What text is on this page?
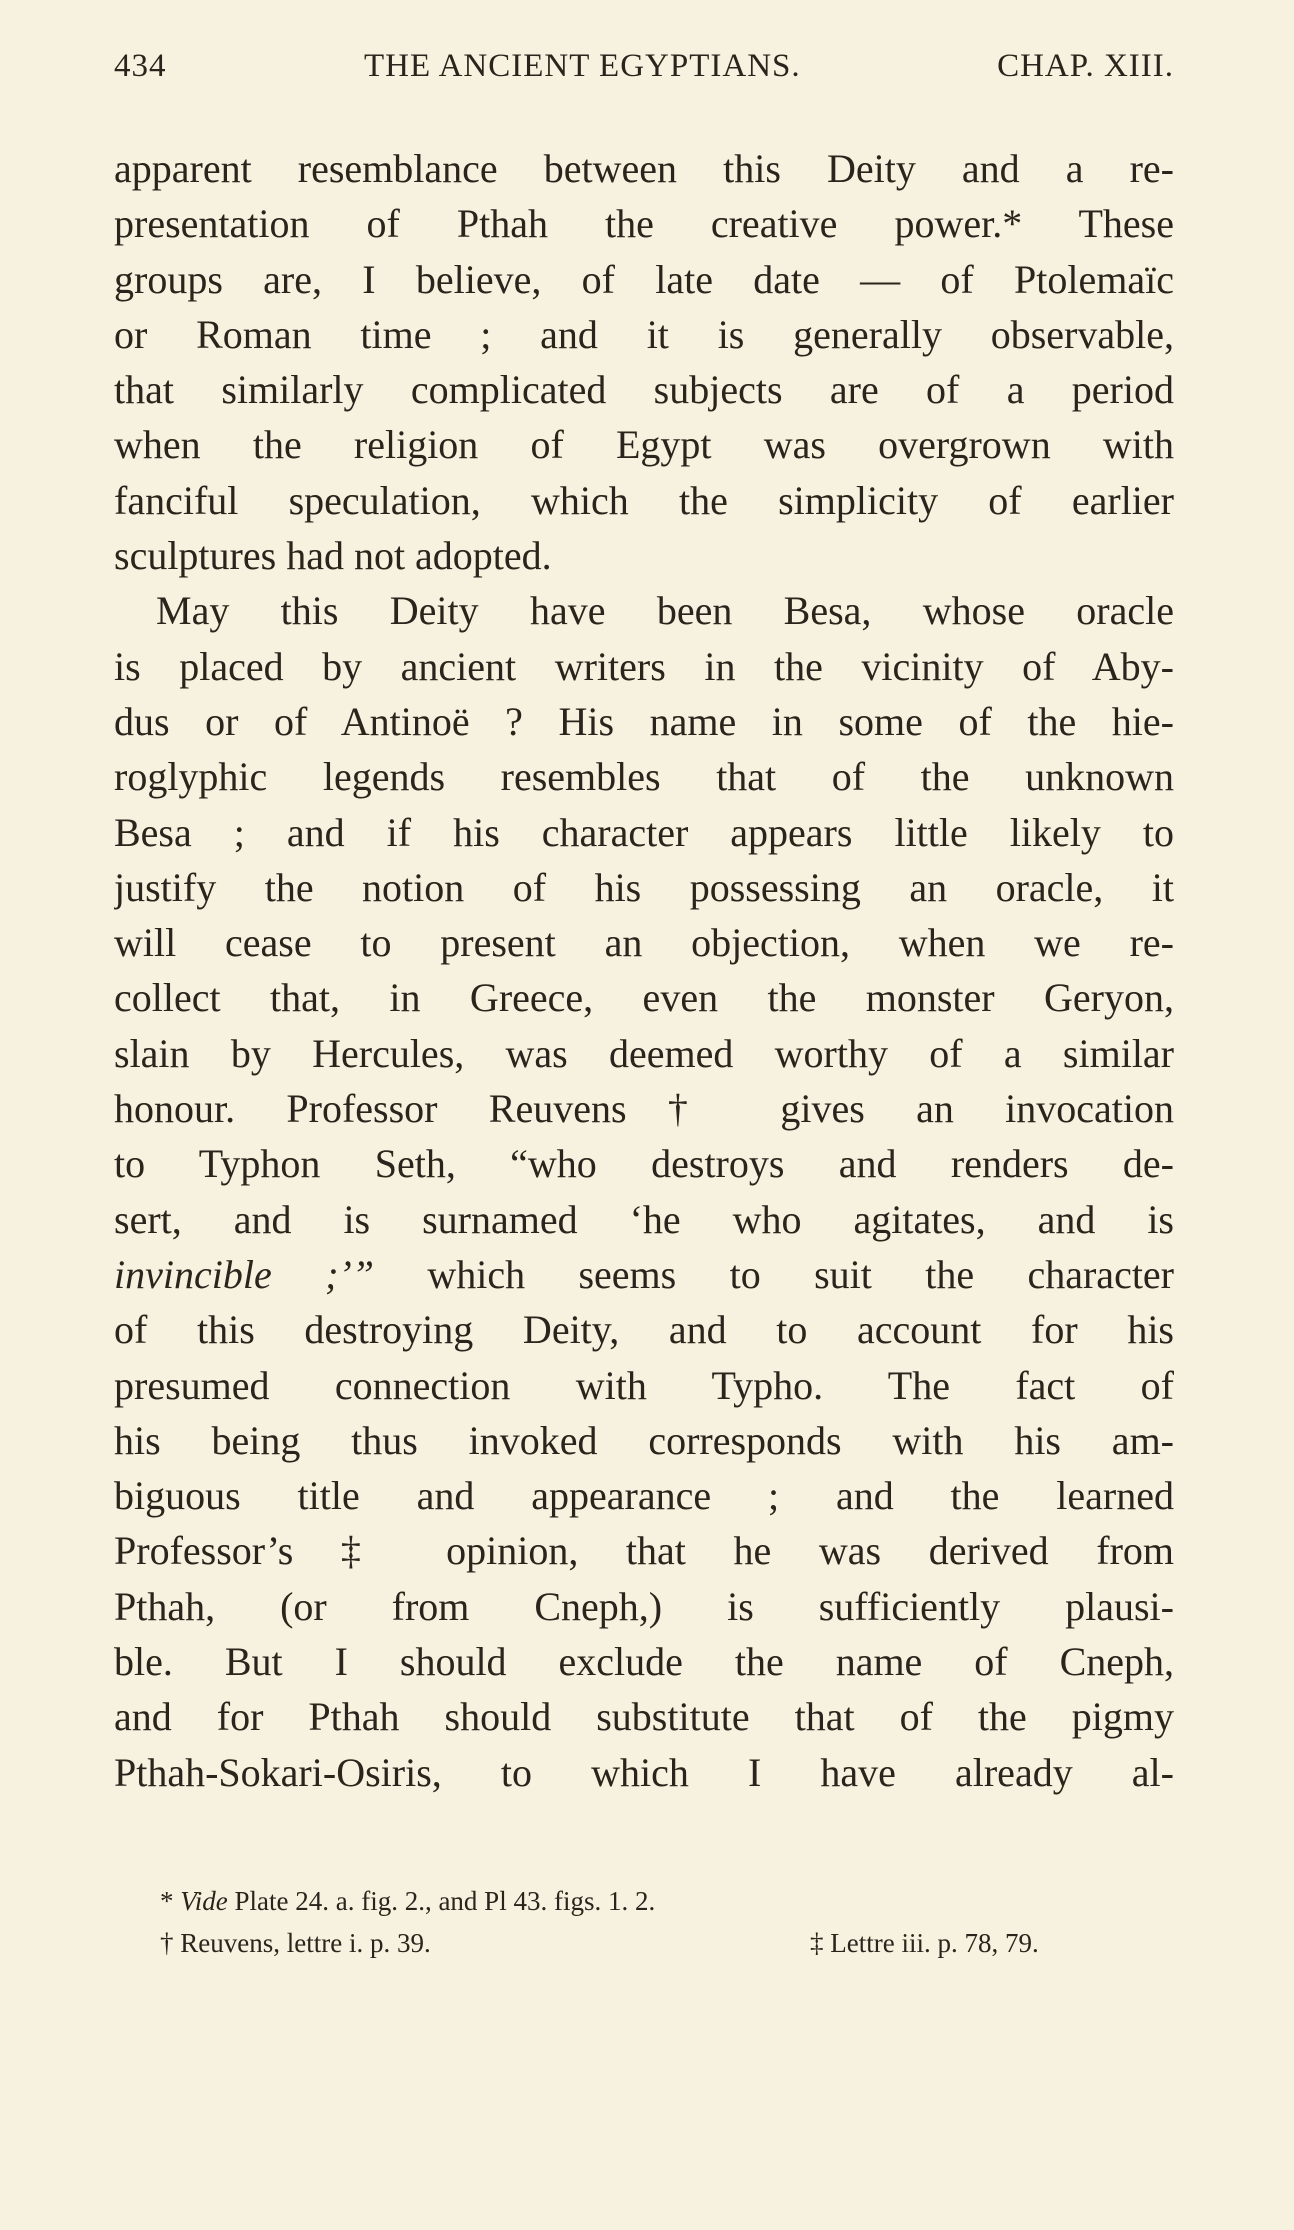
434	THE ANCIENT EGYPTIANS.	CHAP. XIII.
apparent resemblance between this Deity and a re-
presentation of Pthah the creative power.* These
groups are, I believe, of late date — of Ptolemaïc
or Roman time ; and it is generally observable,
that similarly complicated subjects are of a period
when the religion of Egypt was overgrown with
fanciful speculation, which the simplicity of earlier
sculptures had not adopted.
May this Deity have been Besa, whose oracle
is placed by ancient writers in the vicinity of Aby-
dus or of Antinoë ? His name in some of the hie-
roglyphic legends resembles that of the unknown
Besa ; and if his character appears little likely to
justify the notion of his possessing an oracle, it
will cease to present an objection, when we re-
collect that, in Greece, even the monster Geryon,
slain by Hercules, was deemed worthy of a similar
honour. Professor Reuvens† gives an invocation
to Typhon Seth, “who destroys and renders de-
sert, and is surnamed ‘he who agitates, and is
invincible ;’” which seems to suit the character
of this destroying Deity, and to account for his
presumed connection with Typho. The fact of
his being thus invoked corresponds with his am-
biguous title and appearance ; and the learned
Professor’s ‡ opinion, that he was derived from
Pthah, (or from Cneph,) is sufficiently plausi-
ble. But I should exclude the name of Cneph,
and for Pthah should substitute that of the pigmy
Pthah-Sokari-Osiris, to which I have already al-
* Vide Plate 24. a. fig. 2., and Pl 43. figs. 1. 2.
† Reuvens, lettre i. p. 39.	‡ Lettre iii. p. 78, 79.
